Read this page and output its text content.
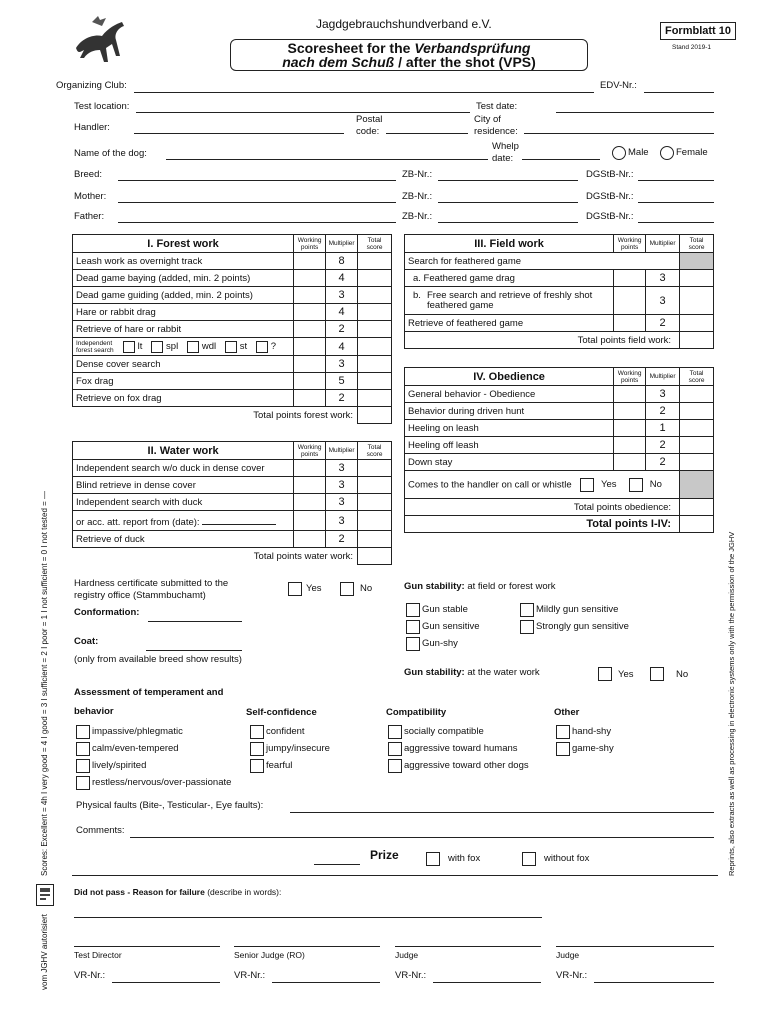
Jagdgebrauchshundverband e.V.	Formblatt 10
Stand 2019-1
Scoresheet for the Verbandsprüfung
nach dem Schuß / after the shot (VPS)
Organizing Club:	EDV-Nr.:
Test location:	Test date:
Handler:
Postal
code:
City of
residence:
Name of the dog:
Whelp
date:
Male	Female
Breed:	ZB-Nr.:	DGStB-Nr.:
Mother:	ZB-Nr.:	DGStB-Nr.:
Father:	ZB-Nr.:	DGStB-Nr.:
I. Forest work	Working points	Multiplier	Total score
Leash work as overnight track		8	
Dead game baying (added, min. 2 points)		4	
Dead game guiding (added, min. 2 points)		3	
Hare or rabbit drag		4	
Retrieve of hare or rabbit		2	
Independent forest search lt spl wdl st ?		4	
Dense cover search		3	
Fox drag		5	
Retrieve on fox drag		2	
Total points forest work:			
II. Water work	Working points	Multiplier	Total score
Independent search w/o duck in dense cover		3	
Blind retrieve in dense cover		3	
Independent search with duck		3	
or acc. att. report from (date):		3	
Retrieve of duck		2	
Total points water work:			
III. Field work	Working points	Multiplier	Total score
Search for feathered game			
a. Feathered game drag		3	

b. Free search and retrieve of freshly shot feathered game		3	
Retrieve of feathered game		2	
Total points field work:			
IV. Obedience	Working points	Multiplier	Total score
General behavior - Obedience		3	
Behavior during driven hunt		2	
Heeling on leash		1	
Heeling off leash		2	
Down stay		2	
Comes to the handler on call or whistle Yes No			
Total points obedience:			
Total points I-IV:			
Hardness certificate submitted to the
registry office (Stammbuchamt)
Yes	No
Conformation:
Coat:
(only from available breed show results)
Gun stability: at field or forest work
Gun stable	Mildly gun sensitive
Gun sensitive	Strongly gun sensitive
Gun-shy
Gun stability: at the water work	Yes	No
Assessment of temperament and
behavior	Self-confidence	Compatibility	Other
impassive/phlegmatic
calm/even-tempered
lively/spirited
restless/nervous/over-passionate
confident
jumpy/insecure
fearful
socially compatible
aggressive toward humans
aggressive toward other dogs
hand-shy
game-shy
Physical faults (Bite-, Testicular-, Eye faults):
Comments:
Prize	with fox	without fox
Did not pass - Reason for failure (describe in words):
Test Director
VR-Nr.:
Senior Judge (RO)
VR-Nr.:
Judge
VR-Nr.:
Judge
VR-Nr.:
Scores: Excellent = 4h I very good = 4 I good = 3 I sufficient = 2 I poor = 1 I not sufficient = 0 I not tested = —
vom JGHV autorisiert
Reprints, also extracts as well as processing in electronic systems only with the permission of the JGHV
